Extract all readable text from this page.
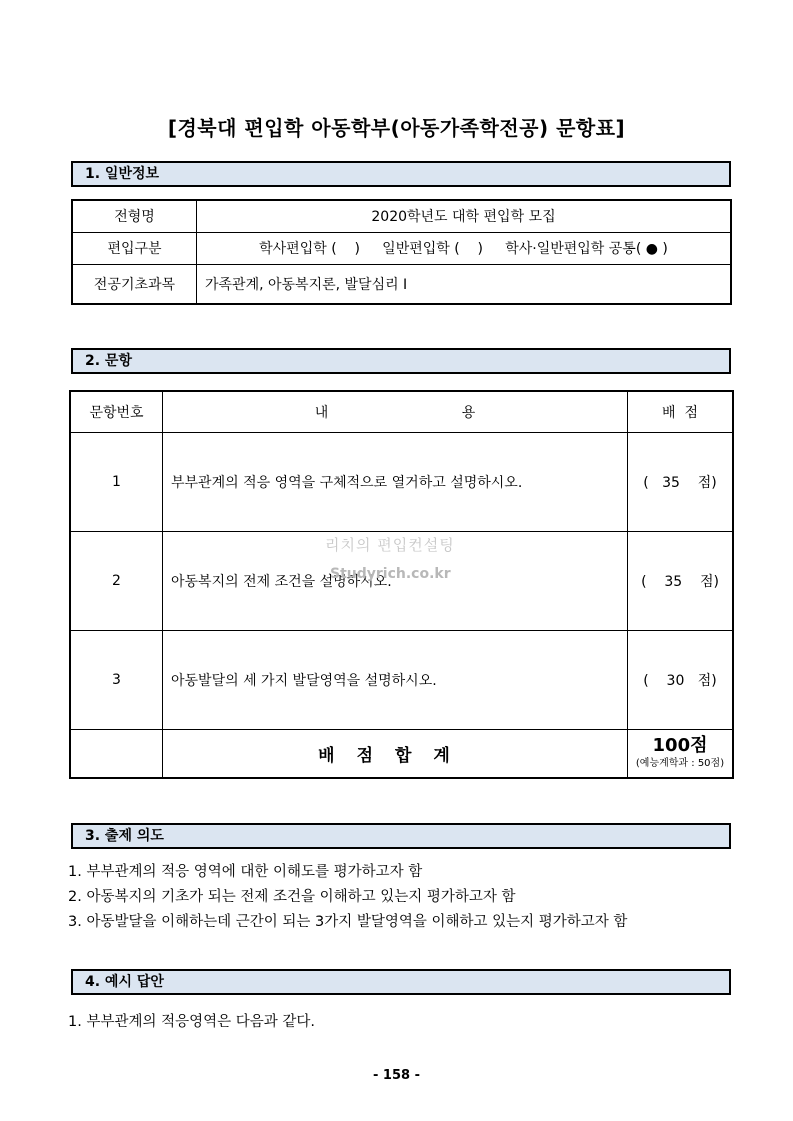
[경북대 편입학 아동학부(아동가족학전공) 문항표]
1. 일반정보
전형명	2020학년도 대학 편입학 모집
편입구분	학사편입학 (    )     일반편입학 (    )     학사·일반편입학 공통( ● )
전공기초과목	가족관계, 아동복지론, 발달심리 Ⅰ
2. 문항
문항번호	내                              용	배  점
1	부부관계의 적응 영역을 구체적으로 열거하고 설명하시오.	(   35    점)
2	아동복지의 전제 조건을 설명하시오.	(    35    점)
3	아동발달의 세 가지 발달영역을 설명하시오.	(    30   점)
	배점합계	100점
(예능계학과 : 50점)
리치의 편입컨설팅
Studyrich.co.kr
3. 출제 의도
1. 부부관계의 적응 영역에 대한 이해도를 평가하고자 함
2. 아동복지의 기초가 되는 전제 조건을 이해하고 있는지 평가하고자 함
3. 아동발달을 이해하는데 근간이 되는 3가지 발달영역을 이해하고 있는지 평가하고자 함
4. 예시 답안
1. 부부관계의 적응영역은 다음과 같다.
- 158 -
